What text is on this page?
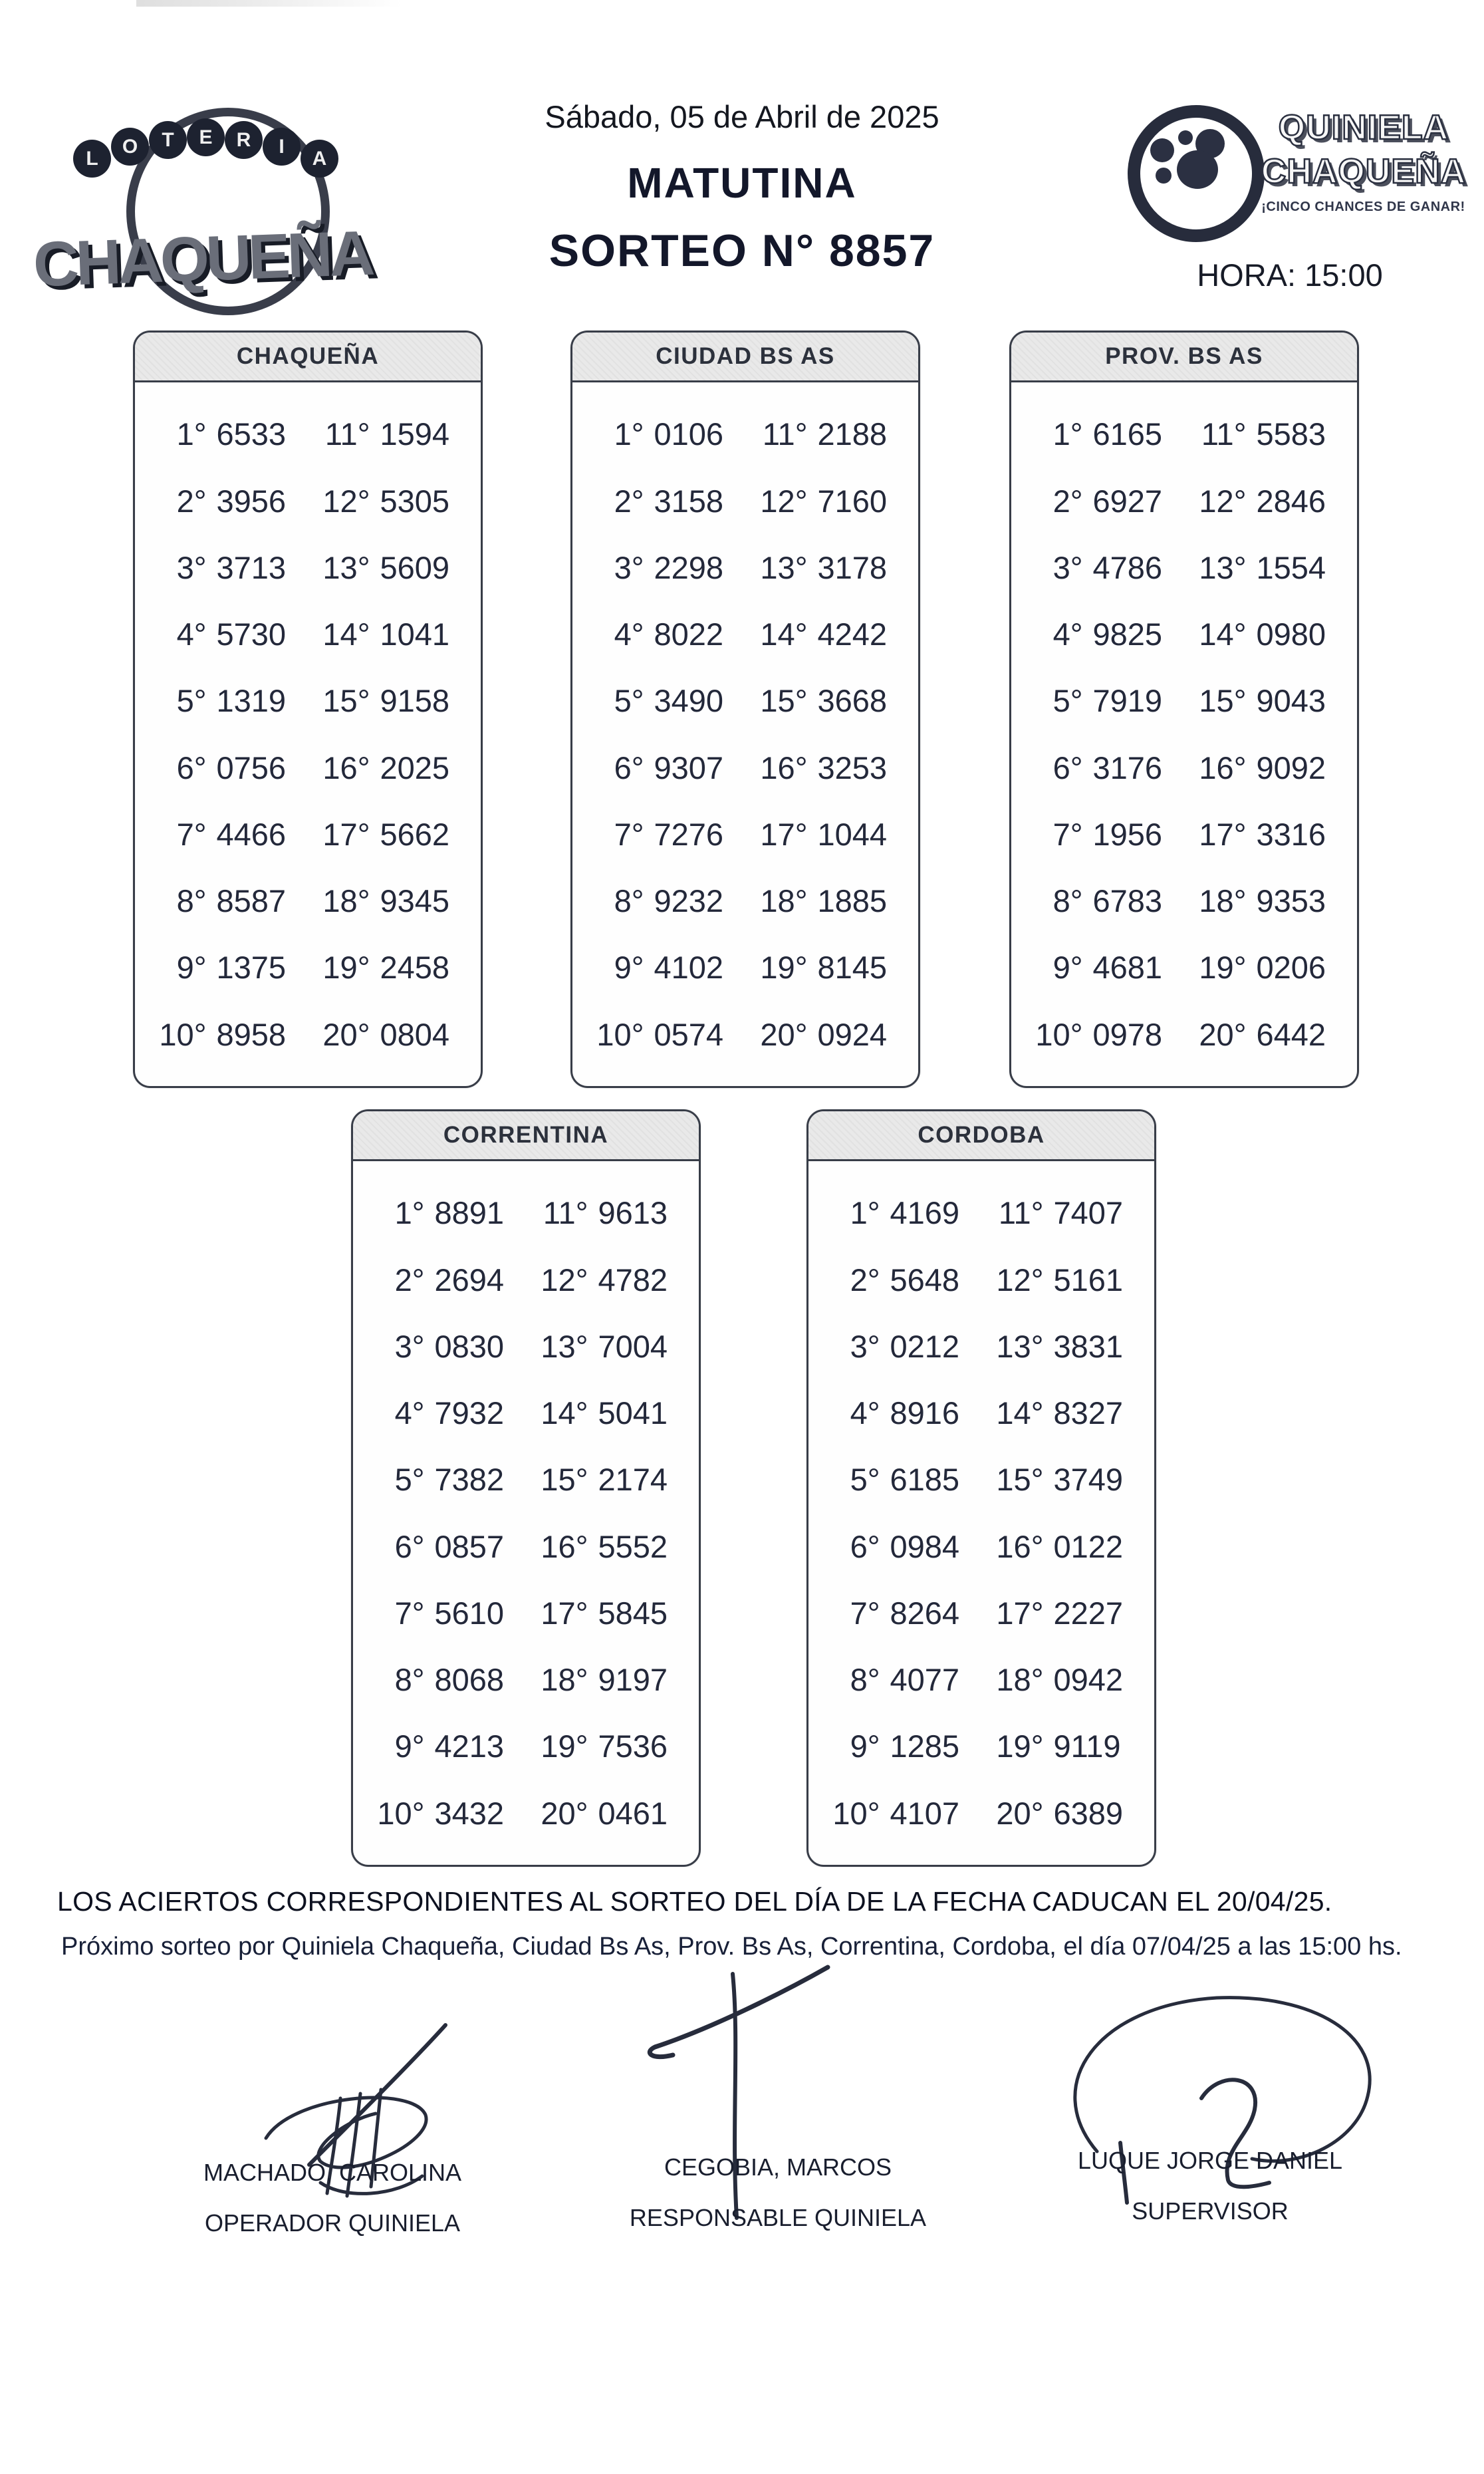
L
O	T	E	R	I
A
CHAQUEÑA
Sábado, 05 de Abril de 2025
MATUTINA
SORTEO N° 8857
QUINIELA
CHAQUEÑA
¡CINCO CHANCES DE GANAR!
HORA: 15:00
CHAQUEÑA
1° 6533	11° 1594
2° 3956	12° 5305
3° 3713	13° 5609
4° 5730	14° 1041
5° 1319	15° 9158
6° 0756	16° 2025
7° 4466	17° 5662
8° 8587	18° 9345
9° 1375	19° 2458
10° 8958	20° 0804
CIUDAD BS AS
1° 0106	11° 2188
2° 3158	12° 7160
3° 2298	13° 3178
4° 8022	14° 4242
5° 3490	15° 3668
6° 9307	16° 3253
7° 7276	17° 1044
8° 9232	18° 1885
9° 4102	19° 8145
10° 0574	20° 0924
PROV. BS AS
1° 6165	11° 5583
2° 6927	12° 2846
3° 4786	13° 1554
4° 9825	14° 0980
5° 7919	15° 9043
6° 3176	16° 9092
7° 1956	17° 3316
8° 6783	18° 9353
9° 4681	19° 0206
10° 0978	20° 6442
CORRENTINA
1° 8891	11° 9613
2° 2694	12° 4782
3° 0830	13° 7004
4° 7932	14° 5041
5° 7382	15° 2174
6° 0857	16° 5552
7° 5610	17° 5845
8° 8068	18° 9197
9° 4213	19° 7536
10° 3432	20° 0461
CORDOBA
1° 4169	11° 7407
2° 5648	12° 5161
3° 0212	13° 3831
4° 8916	14° 8327
5° 6185	15° 3749
6° 0984	16° 0122
7° 8264	17° 2227
8° 4077	18° 0942
9° 1285	19° 9119
10° 4107	20° 6389
LOS ACIERTOS CORRESPONDIENTES AL SORTEO DEL DÍA DE LA FECHA CADUCAN EL 20/04/25.
Próximo sorteo por Quiniela Chaqueña, Ciudad Bs As, Prov. Bs As, Correntina, Cordoba, el día 07/04/25 a las 15:00 hs.
MACHADO, CAROLINA
OPERADOR QUINIELA
CEGOBIA, MARCOS
RESPONSABLE QUINIELA
LUQUE JORGE DANIEL
SUPERVISOR
